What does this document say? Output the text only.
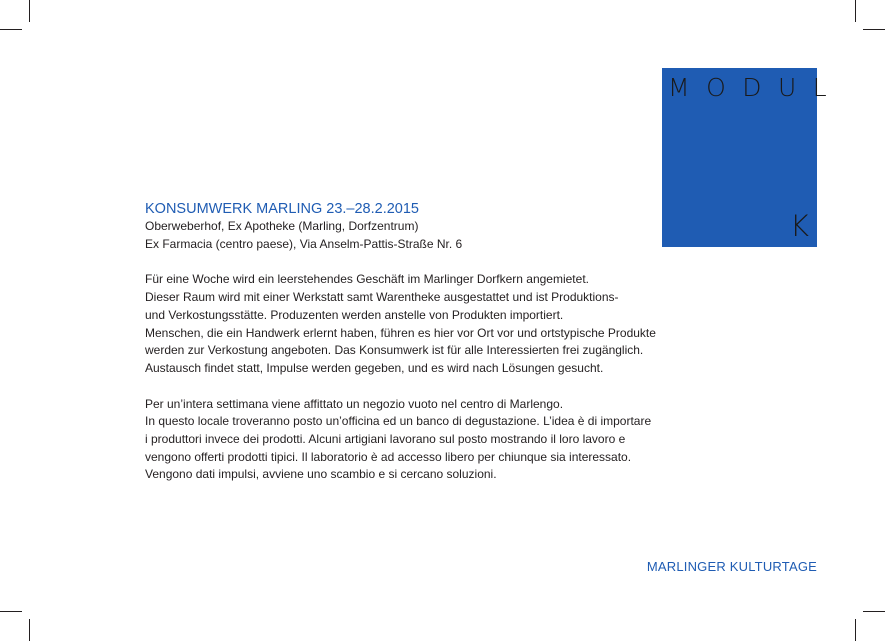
MODUL
K
KONSUMWERK MARLING 23.–28.2.2015
Oberweberhof, Ex Apotheke (Marling, Dorfzentrum)
Ex Farmacia (centro paese), Via Anselm-Pattis-Straße Nr. 6
Für eine Woche wird ein leerstehendes Geschäft im Marlinger Dorfkern angemietet.
Dieser Raum wird mit einer Werkstatt samt Warentheke ausgestattet und ist Produktions-
und Verkostungsstätte. Produzenten werden anstelle von Produkten importiert.
Menschen, die ein Handwerk erlernt haben, führen es hier vor Ort vor und ortstypische Produkte
werden zur Verkostung angeboten. Das Konsumwerk ist für alle Interessierten frei zugänglich.
Austausch findet statt, Impulse werden gegeben, und es wird nach Lösungen gesucht.
Per un’intera settimana viene affittato un negozio vuoto nel centro di Marlengo.
In questo locale troveranno posto un’officina ed un banco di degustazione. L’idea è di importare
i produttori invece dei prodotti. Alcuni artigiani lavorano sul posto mostrando il loro lavoro e
vengono offerti prodotti tipici. Il laboratorio è ad accesso libero per chiunque sia interessato.
Vengono dati impulsi, avviene uno scambio e si cercano soluzioni.
MARLINGER KULTURTAGE
